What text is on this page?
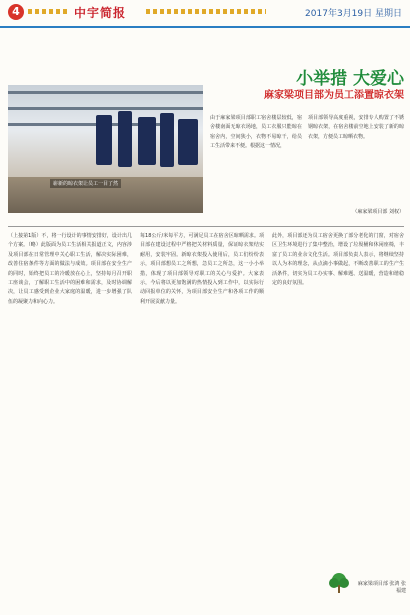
4	中宇简报	2017年3月19日 星期日
崭新的晾衣架让员工一目了然
小举措 大爱心
麻家梁项目部为员工添置晾衣架
由于麻家梁项目部职工宿舍楼层较低，宿舍楼南面无晾衣场地，员工衣服只能晾在宿舍内，空间狭小，衣物不易晾干，给员工生活带来不便。根据这一情况，
项目部领导高度重视，安排专人购置了不锈钢晾衣架，在宿舍楼前空地上安装了新的晾衣架，方便员工晾晒衣物。
（麻家梁项目部 刘权）
（上接第1版）不，将一行设计的事情安排好，设计出几个方案。（略）此版面为员工生活相关报道正文，内容涉及项目部在日常管理中关心职工生活，解决实际困难，改善住宿条件等方面的做法与成效。项目部在安全生产的同时，始终把员工的冷暖放在心上，坚持每月召开职工座谈会，了解职工生活中的困难和需求，及时协调解决，让员工感受到企业大家庭的温暖，进一步增强了队伍的凝聚力和向心力。
每18公斤/米每平方，可满足员工在宿舍区晾晒需求。项目部在建设过程中严格把关材料质量，保证晾衣架结实耐用，安装牢固。新晾衣架投入使用后，员工们纷纷表示，项目部想员工之所想，急员工之所急，这一小小举措，体现了项目部领导对职工的关心与爱护。大家表示，今后将以更加饱满的热情投入到工作中，以实际行动回报单位的关怀，为项目部安全生产和各项工作的顺利开展贡献力量。
此外，项目部还为员工宿舍更换了部分老化的门窗，对宿舍区卫生环境进行了集中整治，增设了垃圾桶和休闲座椅，丰富了员工的业余文化生活。项目部负责人表示，将继续坚持以人为本的理念，从点滴小事做起，不断改善职工的生产生活条件，切实为员工办实事、解难题、送温暖，营造和谐稳定的良好氛围。
麻家梁项目部 张鸿 张福建
